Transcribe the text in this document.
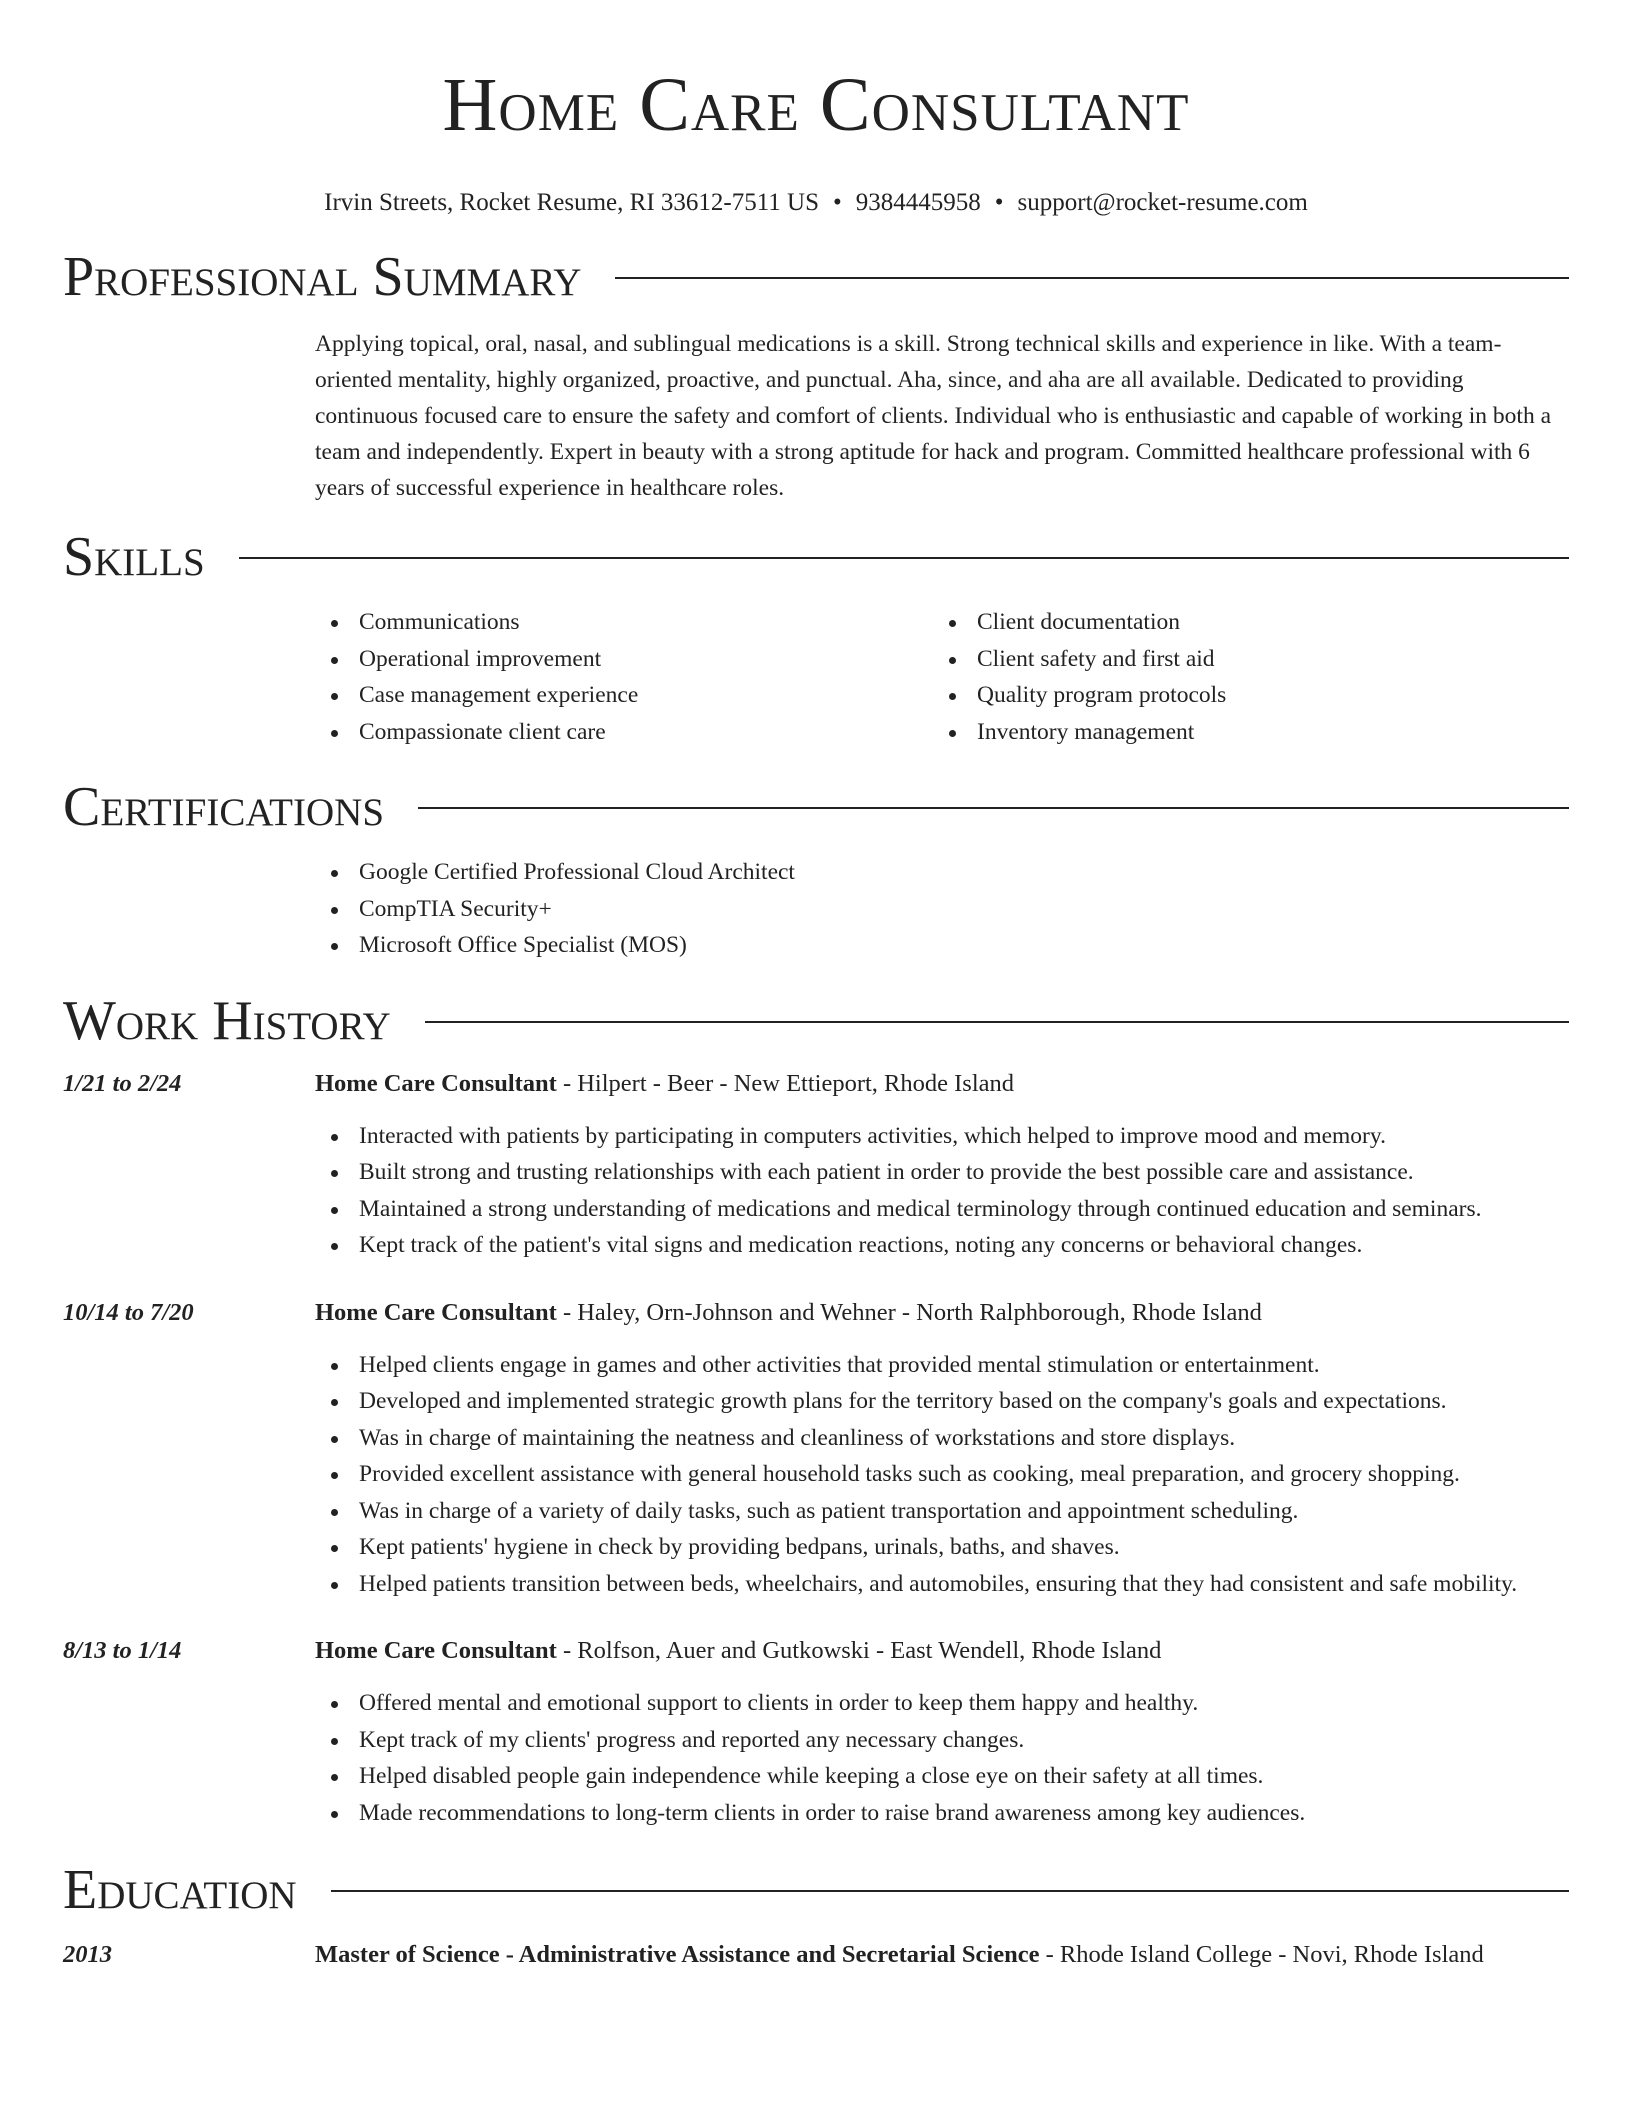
Home Care Consultant
Irvin Streets, Rocket Resume, RI 33612-7511 US • 9384445958 • support@rocket-resume.com
Professional Summary
Applying topical, oral, nasal, and sublingual medications is a skill. Strong technical skills and experience in like. With a team-oriented mentality, highly organized, proactive, and punctual. Aha, since, and aha are all available. Dedicated to providing continuous focused care to ensure the safety and comfort of clients. Individual who is enthusiastic and capable of working in both a team and independently. Expert in beauty with a strong aptitude for hack and program. Committed healthcare professional with 6 years of successful experience in healthcare roles.
Skills
Communications
Operational improvement
Case management experience
Compassionate client care
Client documentation
Client safety and first aid
Quality program protocols
Inventory management
Certifications
Google Certified Professional Cloud Architect
CompTIA Security+
Microsoft Office Specialist (MOS)
Work History
1/21 to 2/24	Home Care Consultant - Hilpert - Beer - New Ettieport, Rhode Island
Interacted with patients by participating in computers activities, which helped to improve mood and memory.
Built strong and trusting relationships with each patient in order to provide the best possible care and assistance.
Maintained a strong understanding of medications and medical terminology through continued education and seminars.
Kept track of the patient's vital signs and medication reactions, noting any concerns or behavioral changes.
10/14 to 7/20	Home Care Consultant - Haley, Orn-Johnson and Wehner - North Ralphborough, Rhode Island
Helped clients engage in games and other activities that provided mental stimulation or entertainment.
Developed and implemented strategic growth plans for the territory based on the company's goals and expectations.
Was in charge of maintaining the neatness and cleanliness of workstations and store displays.
Provided excellent assistance with general household tasks such as cooking, meal preparation, and grocery shopping.
Was in charge of a variety of daily tasks, such as patient transportation and appointment scheduling.
Kept patients' hygiene in check by providing bedpans, urinals, baths, and shaves.
Helped patients transition between beds, wheelchairs, and automobiles, ensuring that they had consistent and safe mobility.
8/13 to 1/14	Home Care Consultant - Rolfson, Auer and Gutkowski - East Wendell, Rhode Island
Offered mental and emotional support to clients in order to keep them happy and healthy.
Kept track of my clients' progress and reported any necessary changes.
Helped disabled people gain independence while keeping a close eye on their safety at all times.
Made recommendations to long-term clients in order to raise brand awareness among key audiences.
Education
2013	Master of Science - Administrative Assistance and Secretarial Science - Rhode Island College - Novi, Rhode Island
